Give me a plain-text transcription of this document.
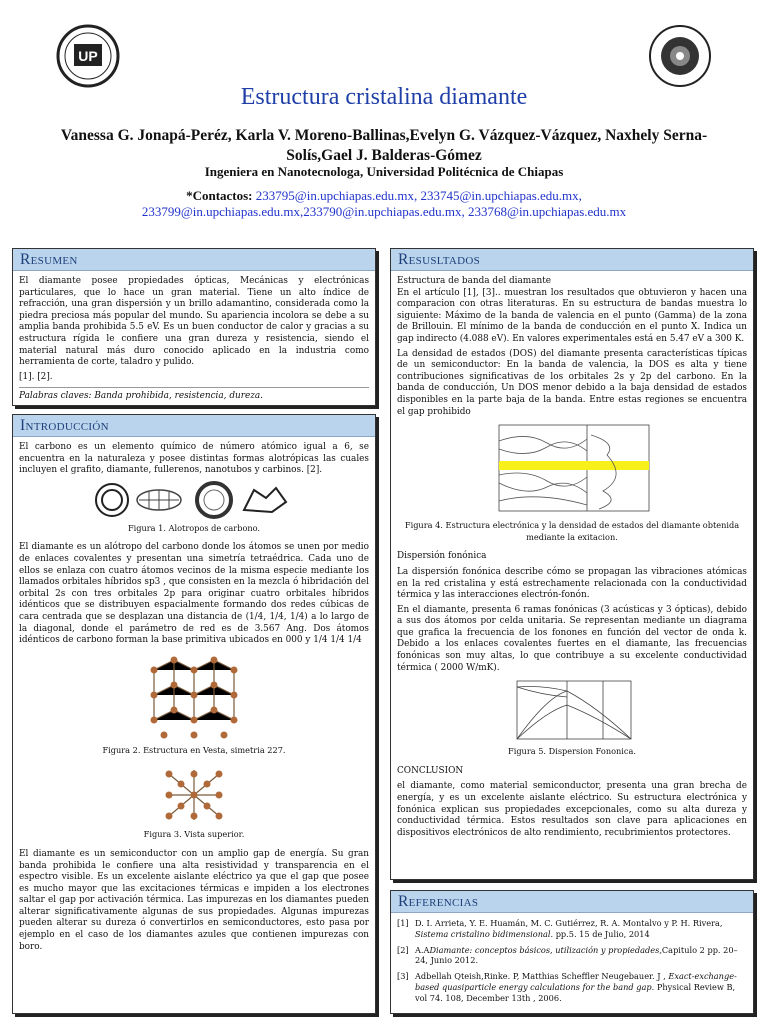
UP
Estructura cristalina diamante
Vanessa G. Jonapá-Peréz, Karla V. Moreno-Ballinas,Evelyn G. Vázquez-Vázquez, Naxhely Serna-Solís,Gael J. Balderas-Gómez
Ingeniera en Nanotecnologa, Universidad Politécnica de Chiapas
*Contactos: 233795@in.upchiapas.edu.mx, 233745@in.upchiapas.edu.mx, 233799@in.upchiapas.edu.mx,233790@in.upchiapas.edu.mx, 233768@in.upchiapas.edu.mx
Resumen

El diamante posee propiedades ópticas, Mecánicas y electrónicas particulares, que lo hace un gran material. Tiene un alto índice de refracción, una gran dispersión y un brillo adamantino, considerada como la piedra preciosa más popular del mundo. Su apariencia incolora se debe a su amplia banda prohibida 5.5 eV. Es un buen conductor de calor y gracias a su estructura rígida le confiere una gran dureza y resistencia, siendo el material natural más duro conocido aplicado en la industria como herramienta de corte, taladro y pulido.

[1]. [2].

Palabras claves: Banda prohibida, resistencia, dureza.
Introducción

El carbono es un elemento químico de número atómico igual a 6, se encuentra en la naturaleza y posee distintas formas alotrópicas las cuales incluyen el grafito, diamante, fullerenos, nanotubos y carbinos. [2].

Figura 1. Alotropos de carbono.

El diamante es un alótropo del carbono donde los átomos se unen por medio de enlaces covalentes y presentan una simetría tetraédrica. Cada uno de ellos se enlaza con cuatro átomos vecinos de la misma especie mediante los llamados orbitales híbridos sp3 , que consisten en la mezcla ó hibridación del orbital 2s con tres orbitales 2p para originar cuatro orbitales híbridos idénticos que se distribuyen espacialmente formando dos redes cúbicas de cara centrada que se desplazan una distancia de (1/4, 1/4, 1/4) a lo largo de la diagonal, donde el parámetro de red es de 3.567 Ang. Dos átomos idénticos de carbono forman la base primitiva ubicados en 000 y 1/4 1/4 1/4

Figura 2. Estructura en Vesta, simetria 227.
Figura 3. Vista superior.

El diamante es un semiconductor con un amplio gap de energía. Su gran banda prohibida le confiere una alta resistividad y transparencia en el espectro visible. Es un excelente aislante eléctrico ya que el gap que posee es mucho mayor que las excitaciones térmicas e impiden a los electrones saltar el gap por activación térmica. Las impurezas en los diamantes pueden alterar significativamente algunas de sus propiedades. Algunas impurezas pueden alterar su dureza ó convertirlos en semiconductores, esto pasa por ejemplo en el caso de los diamantes azules que contienen impurezas con boro.

Resusltados
Estructura de banda del diamante

En el artículo [1], [3].. muestran los resultados que obtuvieron y hacen una comparacion con otras literaturas. En su estructura de bandas muestra lo siguiente: Máximo de la banda de valencia en el punto (Gamma) de la zona de Brillouin. El mínimo de la banda de conducción en el punto X. Indica un gap indirecto (4.088 eV). En valores experimentales está en 5.47 eV a 300 K.

La densidad de estados (DOS) del diamante presenta características típicas de un semiconductor: En la banda de valencia, la DOS es alta y tiene contribuciones significativas de los orbitales 2s y 2p del carbono. En la banda de conducción, Un DOS menor debido a la baja densidad de estados disponibles en la parte baja de la banda. Entre estas regiones se encuentra el gap prohibido

Figura 4. Estructura electrónica y la densidad de estados del diamante obtenida mediante la exitacion.
Dispersión fonónica

La dispersión fonónica describe cómo se propagan las vibraciones atómicas en la red cristalina y está estrechamente relacionada con la conductividad térmica y las interacciones electrón-fonón.

En el diamante, presenta 6 ramas fonónicas (3 acústicas y 3 ópticas), debido a sus dos átomos por celda unitaria. Se representan mediante un diagrama que grafica la frecuencia de los fonones en función del vector de onda k. Debido a los enlaces covalentes fuertes en el diamante, las frecuencias fonónicas son muy altas, lo que contribuye a su excelente conductividad térmica ( 2000 W/mK).

Figura 5. Dispersion Fononica.
CONCLUSION

el diamante, como material semiconductor, presenta una gran brecha de energía, y es un excelente aislante eléctrico. Su estructura electrónica y fonónica explican sus propiedades excepcionales, como su alta dureza y conductividad térmica. Estos resultados son clave para aplicaciones en dispositivos electrónicos de alto rendimiento, recubrimientos protectores.

Referencias
[1] D. I. Arrieta, Y. E. Huamán, M. C. Gutiérrez, R. A. Montalvo y P. H. Rivera, Sistema cristalino bidimensional. pp.5. 15 de Julio, 2014
[2] A.ADiamante: conceptos básicos, utilización y propiedades,Capitulo 2 pp. 20–24, Junio 2012.
[3] Adbellah Qteish,Rinke. P, Matthias Scheffler Neugebauer. J , Exact-exchange-based quasiparticle energy calculations for the band gap. Physical Review B, vol 74. 108, December 13th , 2006.
